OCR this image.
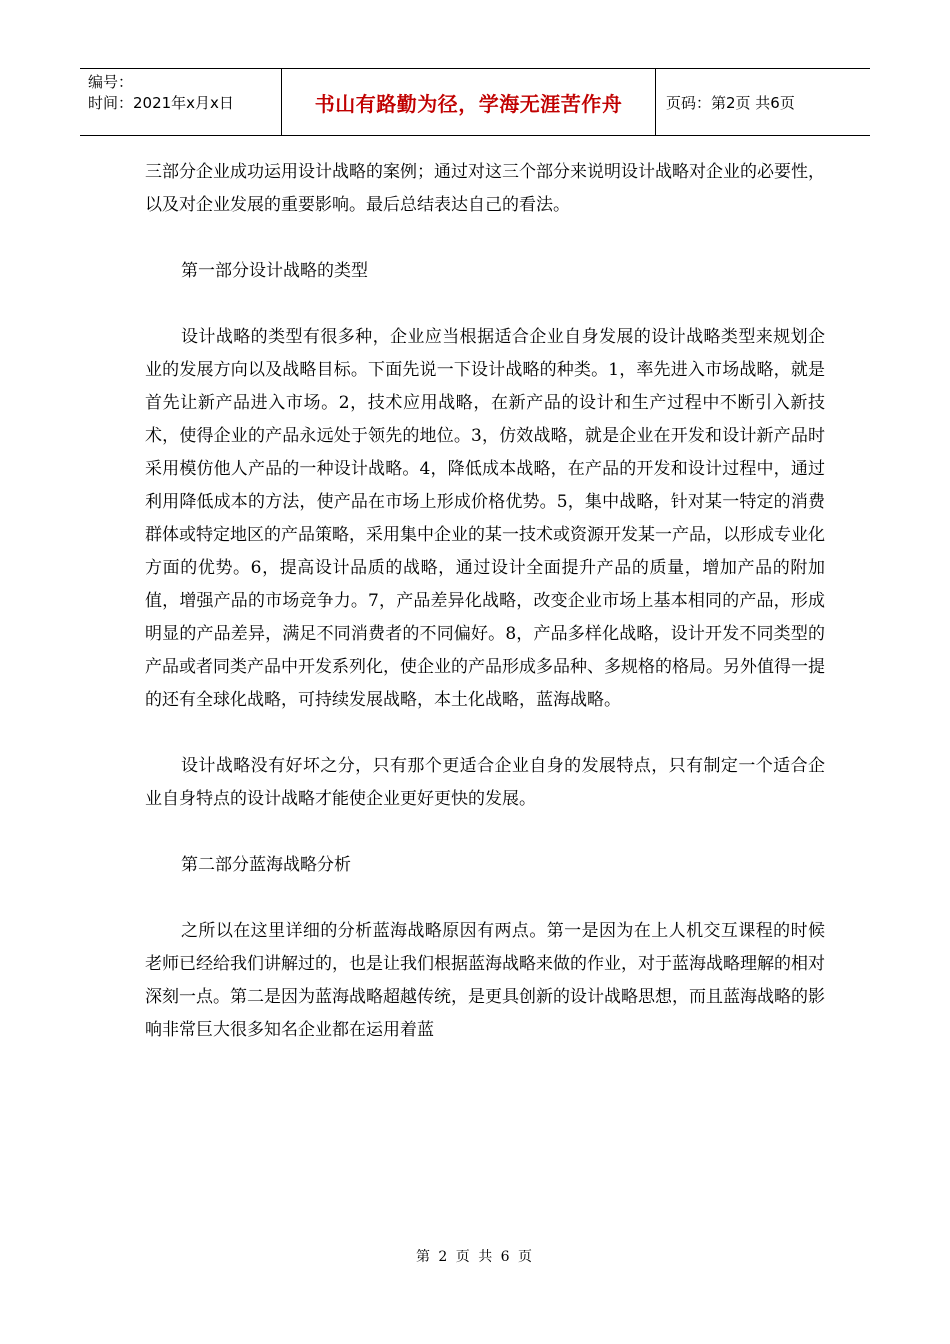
编号：
时间：2021年x月x日	书山有路勤为径，学海无涯苦作舟	页码：第2页 共6页

三部分企业成功运用设计战略的案例；通过对这三个部分来说明设计战略对企业的必要性，以及对企业发展的重要影响。最后总结表达自己的看法。

第一部分设计战略的类型

设计战略的类型有很多种，企业应当根据适合企业自身发展的设计战略类型来规划企业的发展方向以及战略目标。下面先说一下设计战略的种类。1，率先进入市场战略，就是首先让新产品进入市场。2，技术应用战略，在新产品的设计和生产过程中不断引入新技术，使得企业的产品永远处于领先的地位。3，仿效战略，就是企业在开发和设计新产品时采用模仿他人产品的一种设计战略。4，降低成本战略，在产品的开发和设计过程中，通过利用降低成本的方法，使产品在市场上形成价格优势。5，集中战略，针对某一特定的消费群体或特定地区的产品策略，采用集中企业的某一技术或资源开发某一产品，以形成专业化方面的优势。6，提高设计品质的战略，通过设计全面提升产品的质量，增加产品的附加值，增强产品的市场竞争力。7，产品差异化战略，改变企业市场上基本相同的产品，形成明显的产品差异，满足不同消费者的不同偏好。8，产品多样化战略，设计开发不同类型的产品或者同类产品中开发系列化，使企业的产品形成多品种、多规格的格局。另外值得一提的还有全球化战略，可持续发展战略，本土化战略，蓝海战略。

设计战略没有好坏之分，只有那个更适合企业自身的发展特点，只有制定一个适合企业自身特点的设计战略才能使企业更好更快的发展。

第二部分蓝海战略分析

之所以在这里详细的分析蓝海战略原因有两点。第一是因为在上人机交互课程的时候老师已经给我们讲解过的，也是让我们根据蓝海战略来做的作业，对于蓝海战略理解的相对深刻一点。第二是因为蓝海战略超越传统，是更具创新的设计战略思想，而且蓝海战略的影响非常巨大很多知名企业都在运用着蓝

第 2 页 共 6 页
